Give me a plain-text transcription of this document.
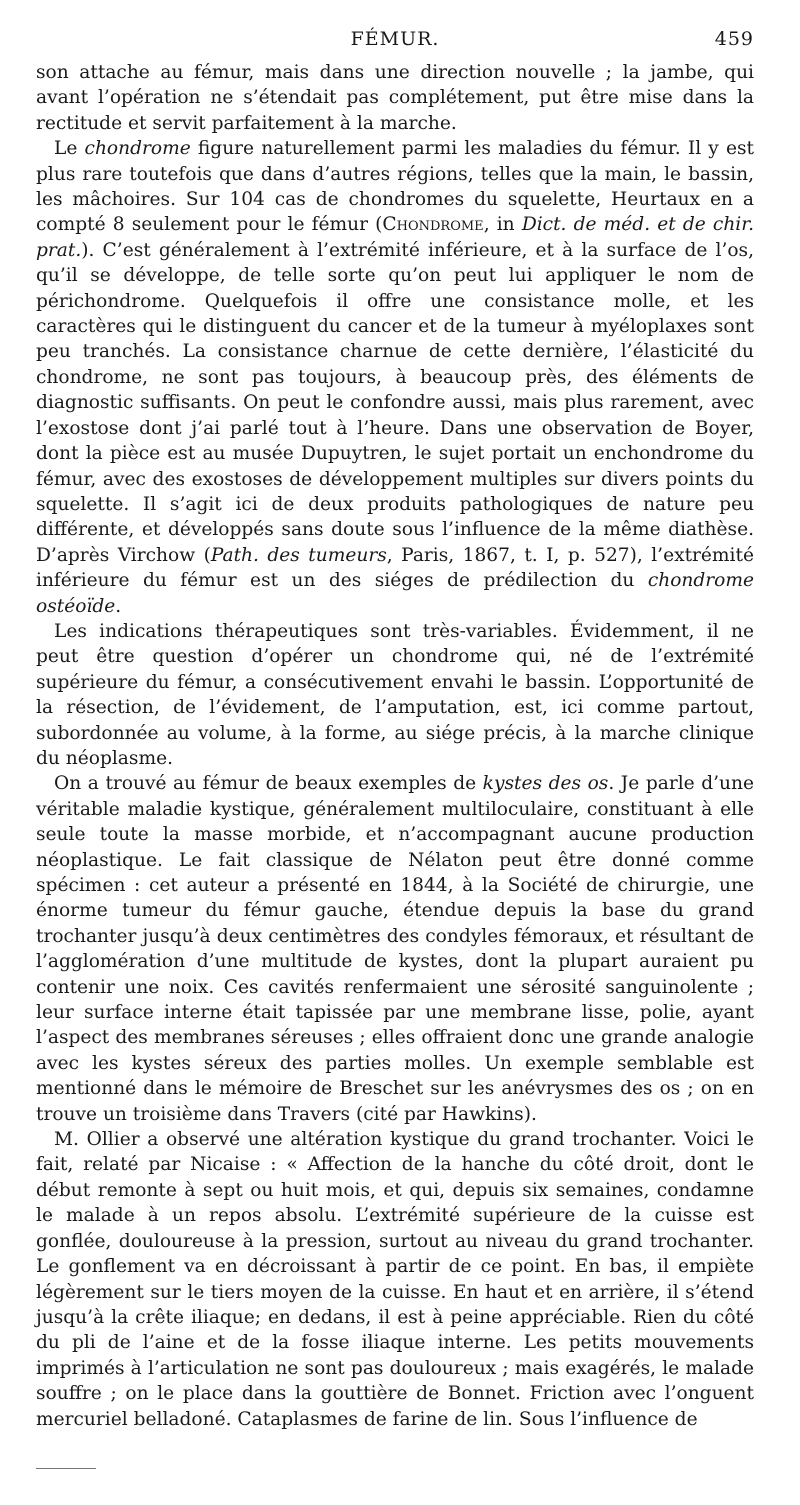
FÉMUR.	459

son attache au fémur, mais dans une direction nouvelle ; la jambe, qui avant l’opération ne s’étendait pas complétement, put être mise dans la rectitude et servit parfaitement à la marche.

Le chondrome figure naturellement parmi les maladies du fémur. Il y est plus rare toutefois que dans d’autres régions, telles que la main, le bassin, les mâchoires. Sur 104 cas de chondromes du squelette, Heurtaux en a compté 8 seulement pour le fémur (Chondrome, in Dict. de méd. et de chir. prat.). C’est généralement à l’extrémité inférieure, et à la surface de l’os, qu’il se développe, de telle sorte qu’on peut lui appliquer le nom de périchondrome. Quelquefois il offre une consistance molle, et les caractères qui le distinguent du cancer et de la tumeur à myéloplaxes sont peu tranchés. La consistance charnue de cette dernière, l’élasticité du chondrome, ne sont pas toujours, à beaucoup près, des éléments de diagnostic suffisants. On peut le confondre aussi, mais plus rarement, avec l’exostose dont j’ai parlé tout à l’heure. Dans une observation de Boyer, dont la pièce est au musée Dupuytren, le sujet portait un enchondrome du fémur, avec des exostoses de développement multiples sur divers points du squelette. Il s’agit ici de deux produits pathologiques de nature peu différente, et développés sans doute sous l’influence de la même diathèse. D’après Virchow (Path. des tumeurs, Paris, 1867, t. I, p. 527), l’extrémité inférieure du fémur est un des siéges de prédilection du chondrome ostéoïde.

Les indications thérapeutiques sont très-variables. Évidemment, il ne peut être question d’opérer un chondrome qui, né de l’extrémité supérieure du fémur, a consécutivement envahi le bassin. L’opportunité de la résection, de l’évidement, de l’amputation, est, ici comme partout, subordonnée au volume, à la forme, au siége précis, à la marche clinique du néoplasme.

On a trouvé au fémur de beaux exemples de kystes des os. Je parle d’une véritable maladie kystique, généralement multiloculaire, constituant à elle seule toute la masse morbide, et n’accompagnant aucune production néoplastique. Le fait classique de Nélaton peut être donné comme spécimen : cet auteur a présenté en 1844, à la Société de chirurgie, une énorme tumeur du fémur gauche, étendue depuis la base du grand trochanter jusqu’à deux centimètres des condyles fémoraux, et résultant de l’agglomération d’une multitude de kystes, dont la plupart auraient pu contenir une noix. Ces cavités renfermaient une sérosité sanguinolente ; leur surface interne était tapissée par une membrane lisse, polie, ayant l’aspect des membranes séreuses ; elles offraient donc une grande analogie avec les kystes séreux des parties molles. Un exemple semblable est mentionné dans le mémoire de Breschet sur les anévrysmes des os ; on en trouve un troisième dans Travers (cité par Hawkins).

M. Ollier a observé une altération kystique du grand trochanter. Voici le fait, relaté par Nicaise : « Affection de la hanche du côté droit, dont le début remonte à sept ou huit mois, et qui, depuis six semaines, condamne le malade à un repos absolu. L’extrémité supérieure de la cuisse est gonflée, douloureuse à la pression, surtout au niveau du grand trochanter. Le gonflement va en décroissant à partir de ce point. En bas, il empiète légèrement sur le tiers moyen de la cuisse. En haut et en arrière, il s’étend jusqu’à la crête iliaque; en dedans, il est à peine appréciable. Rien du côté du pli de l’aine et de la fosse iliaque interne. Les petits mouvements imprimés à l’articulation ne sont pas douloureux ; mais exagérés, le malade souffre ; on le place dans la gouttière de Bonnet. Friction avec l’onguent mercuriel belladoné. Cataplasmes de farine de lin. Sous l’influence de
